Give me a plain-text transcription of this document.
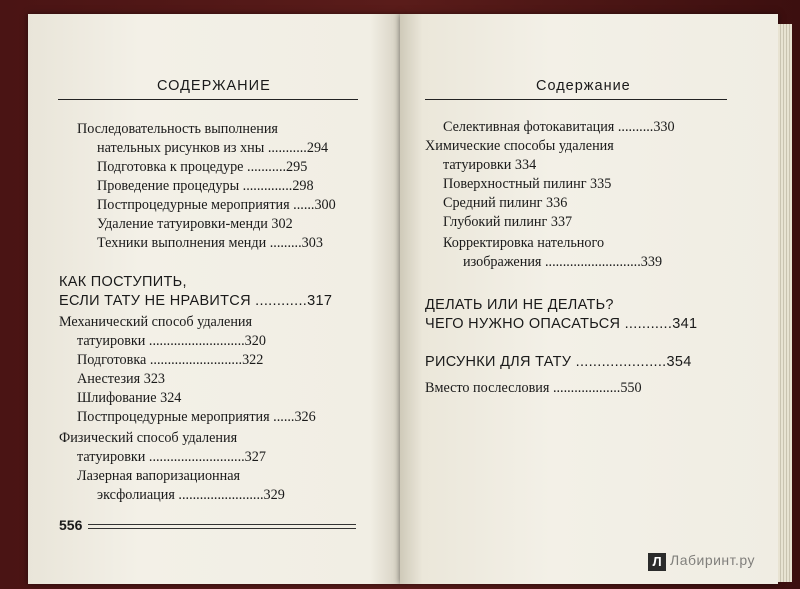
СОДЕРЖАНИЕ
Последовательность выполнения
нательных рисунков из хны ...........294
Подготовка к процедуре ...........295
Проведение процедуры ..............298
Постпроцедурные мероприятия ......300
Удаление татуировки-менди 302
Техники выполнения менди .........303
КАК ПОСТУПИТЬ,
ЕСЛИ ТАТУ НЕ НРАВИТСЯ ............317
Механический способ удаления
татуировки ...........................320
Подготовка ..........................322
Анестезия 323
Шлифование 324
Постпроцедурные мероприятия ......326
Физический способ удаления
татуировки ...........................327
Лазерная вапоризационная
эксфолиация ........................329
556
Содержание
Селективная фотокавитация ..........330
Химические способы удаления
татуировки 334
Поверхностный пилинг 335
Средний пилинг 336
Глубокий пилинг 337
Корректировка нательного
изображения ...........................339
ДЕЛАТЬ ИЛИ НЕ ДЕЛАТЬ?
ЧЕГО НУЖНО ОПАСАТЬСЯ ...........341
РИСУНКИ ДЛЯ ТАТУ .....................354
Вместо послесловия ...................550
Л Лабиринт.ру
